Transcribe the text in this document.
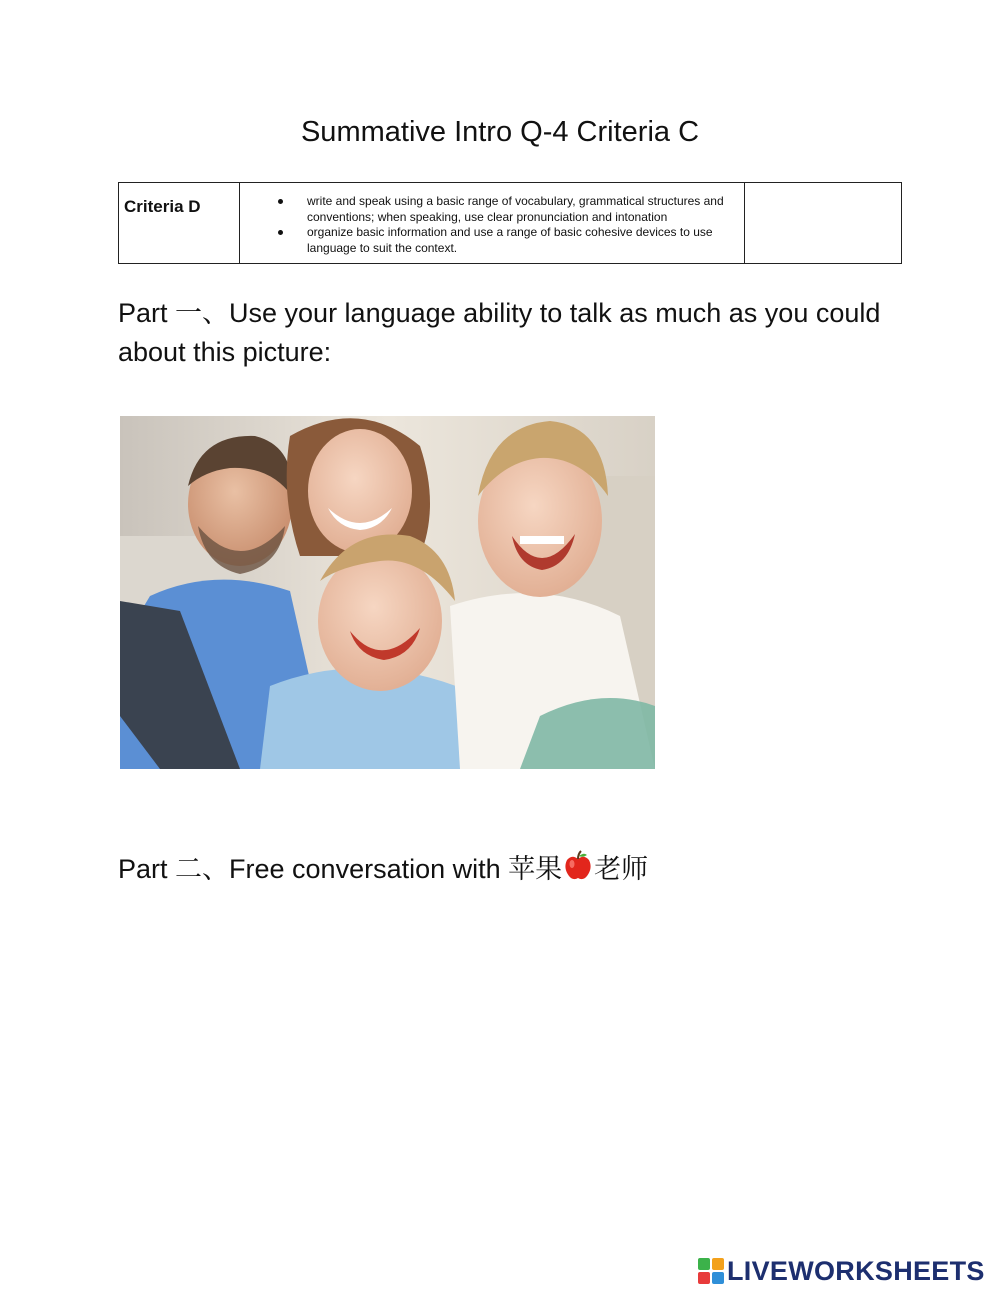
Summative Intro Q-4 Criteria C
Criteria D	write and speak using a basic range of vocabulary, grammatical structures and conventions; when speaking, use clear pronunciation and intonation
organize basic information and use a range of basic cohesive devices to use language to suit the context.

Part 一、Use your language ability to talk as much as you could about this picture:
Part 二、Free conversation with 苹果 老师
LIVEWORKSHEETS
